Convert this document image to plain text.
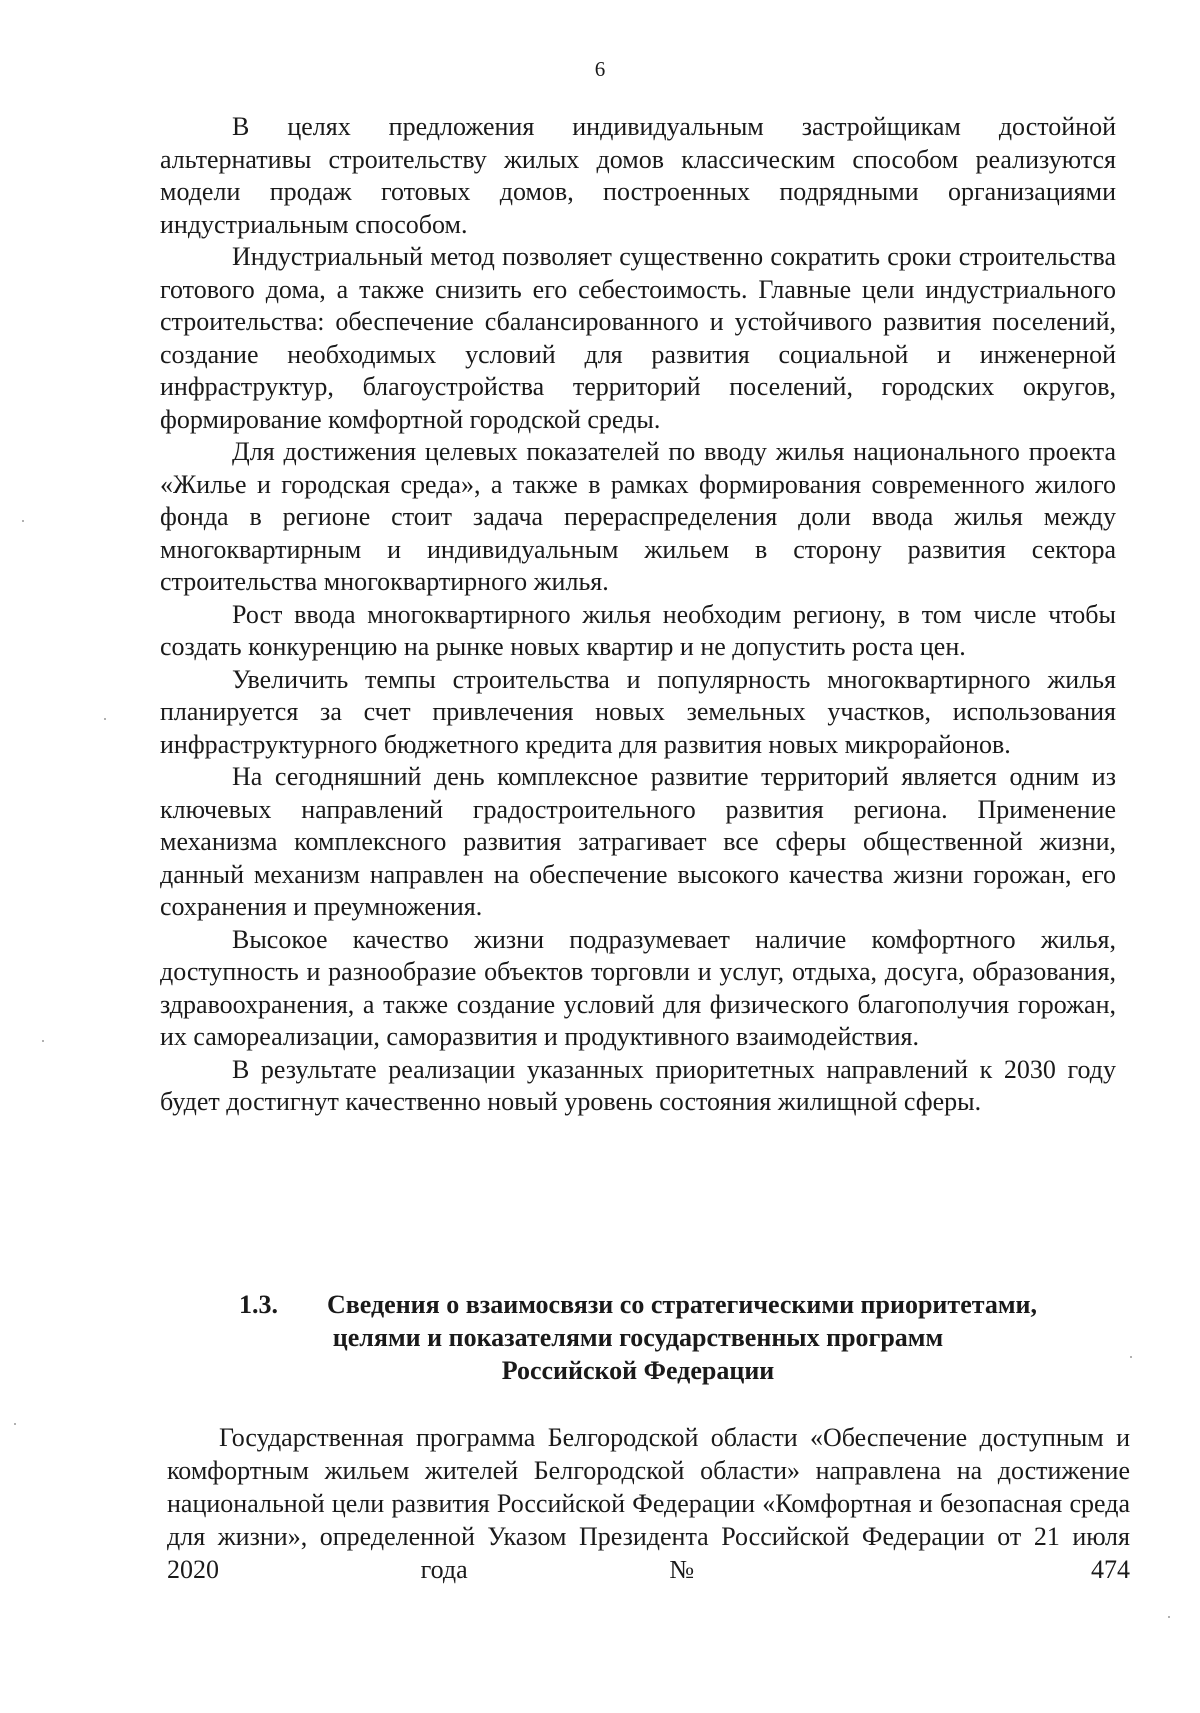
6

В целях предложения индивидуальным застройщикам достойной альтернативы строительству жилых домов классическим способом реализуются модели продаж готовых домов, построенных подрядными организациями индустриальным способом.

Индустриальный метод позволяет существенно сократить сроки строительства готового дома, а также снизить его себестоимость. Главные цели индустриального строительства: обеспечение сбалансированного и устойчивого развития поселений, создание необходимых условий для развития социальной и инженерной инфраструктур, благоустройства территорий поселений, городских округов, формирование комфортной городской среды.

Для достижения целевых показателей по вводу жилья национального проекта «Жилье и городская среда», а также в рамках формирования современного жилого фонда в регионе стоит задача перераспределения доли ввода жилья между многоквартирным и индивидуальным жильем в сторону развития сектора строительства многоквартирного жилья.

Рост ввода многоквартирного жилья необходим региону, в том числе чтобы создать конкуренцию на рынке новых квартир и не допустить роста цен.

Увеличить темпы строительства и популярность многоквартирного жилья планируется за счет привлечения новых земельных участков, использования инфраструктурного бюджетного кредита для развития новых микрорайонов.

На сегодняшний день комплексное развитие территорий является одним из ключевых направлений градостроительного развития региона. Применение механизма комплексного развития затрагивает все сферы общественной жизни, данный механизм направлен на обеспечение высокого качества жизни горожан, его сохранения и преумножения.

Высокое качество жизни подразумевает наличие комфортного жилья, доступность и разнообразие объектов торговли и услуг, отдыха, досуга, образования, здравоохранения, а также создание условий для физического благополучия горожан, их самореализации, саморазвития и продуктивного взаимодействия.

В результате реализации указанных приоритетных направлений к 2030 году будет достигнут качественно новый уровень состояния жилищной сферы.

1.3.	Сведения о взаимосвязи со стратегическими приоритетами,
целями и показателями государственных программ
Российской Федерации

Государственная программа Белгородской области «Обеспечение доступным и комфортным жильем жителей Белгородской области» направлена на достижение национальной цели развития Российской Федерации «Комфортная и безопасная среда для жизни», определенной Указом Президента Российской Федерации от 21 июля 2020 года № 474
